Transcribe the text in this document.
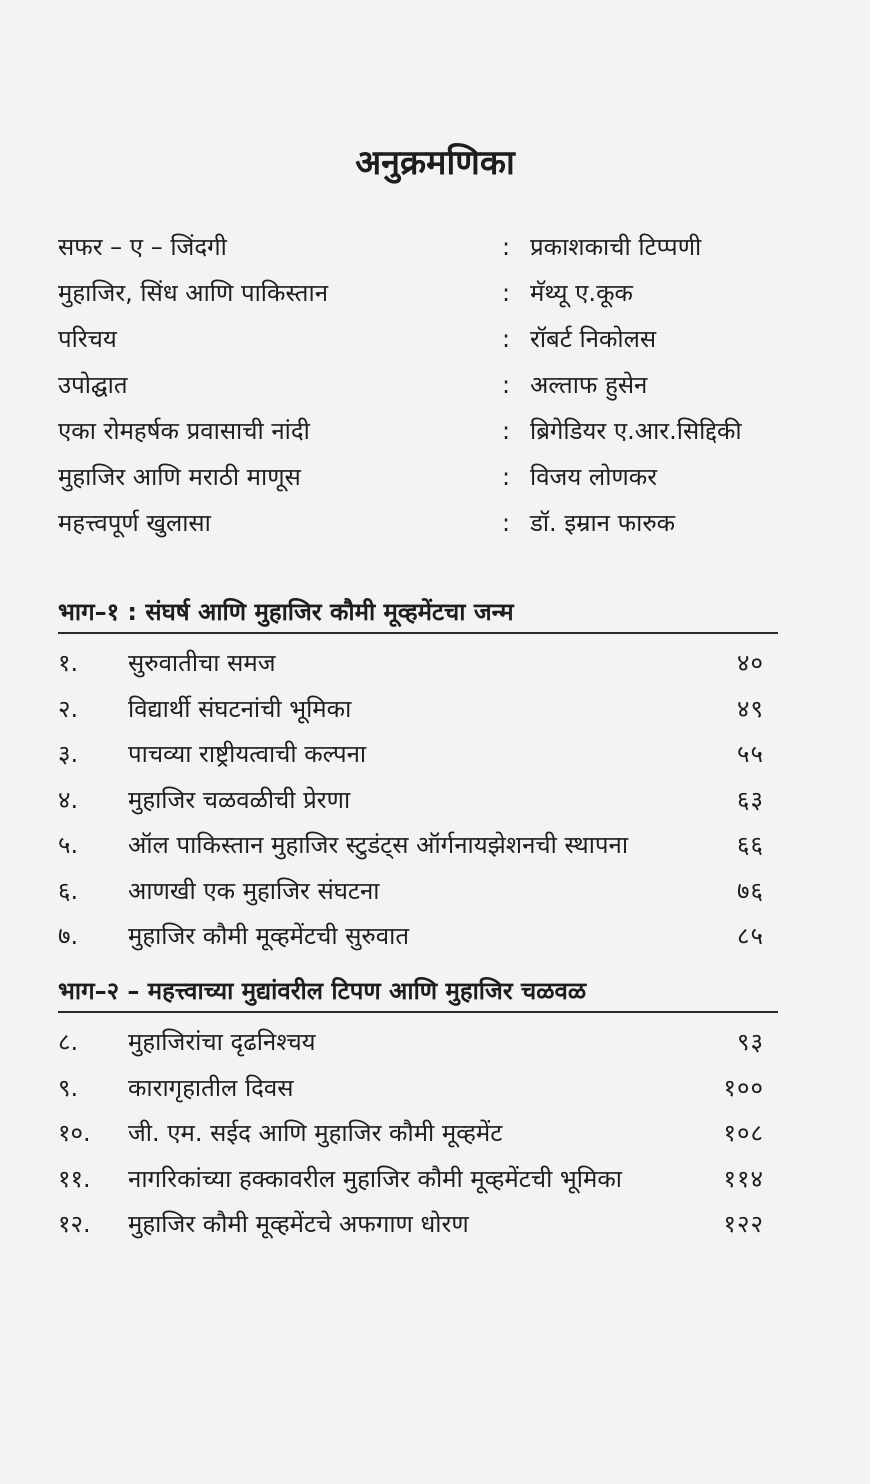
अनुक्रमणिका
सफर – ए – जिंदगी	: प्रकाशकाची टिप्पणी
मुहाजिर, सिंध आणि पाकिस्तान	: मॅथ्यू ए.कूक
परिचय	: रॉबर्ट निकोलस
उपोद्घात	: अल्ताफ हुसेन
एका रोमहर्षक प्रवासाची नांदी	: ब्रिगेडियर ए.आर.सिद्दिकी
मुहाजिर आणि मराठी माणूस	: विजय लोणकर
महत्त्वपूर्ण खुलासा	: डॉ. इम्रान फारुक
भाग–१ : संघर्ष आणि मुहाजिर कौमी मूव्हमेंटचा जन्म
१. सुरुवातीचा समज	४०
२. विद्यार्थी संघटनांची भूमिका	४९
३. पाचव्या राष्ट्रीयत्वाची कल्पना	५५
४. मुहाजिर चळवळीची प्रेरणा	६३
५. ऑल पाकिस्तान मुहाजिर स्टुडंट्स ऑर्गनायझेशनची स्थापना	६६
६. आणखी एक मुहाजिर संघटना	७६
७. मुहाजिर कौमी मूव्हमेंटची सुरुवात	८५
भाग–२ – महत्त्वाच्या मुद्यांवरील टिपण आणि मुहाजिर चळवळ
८. मुहाजिरांचा दृढनिश्चय	९३
९. कारागृहातील दिवस	१००
१०. जी. एम. सईद आणि मुहाजिर कौमी मूव्हमेंट	१०८
११. नागरिकांच्या हक्कावरील मुहाजिर कौमी मूव्हमेंटची भूमिका	११४
१२. मुहाजिर कौमी मूव्हमेंटचे अफगाण धोरण	१२२
